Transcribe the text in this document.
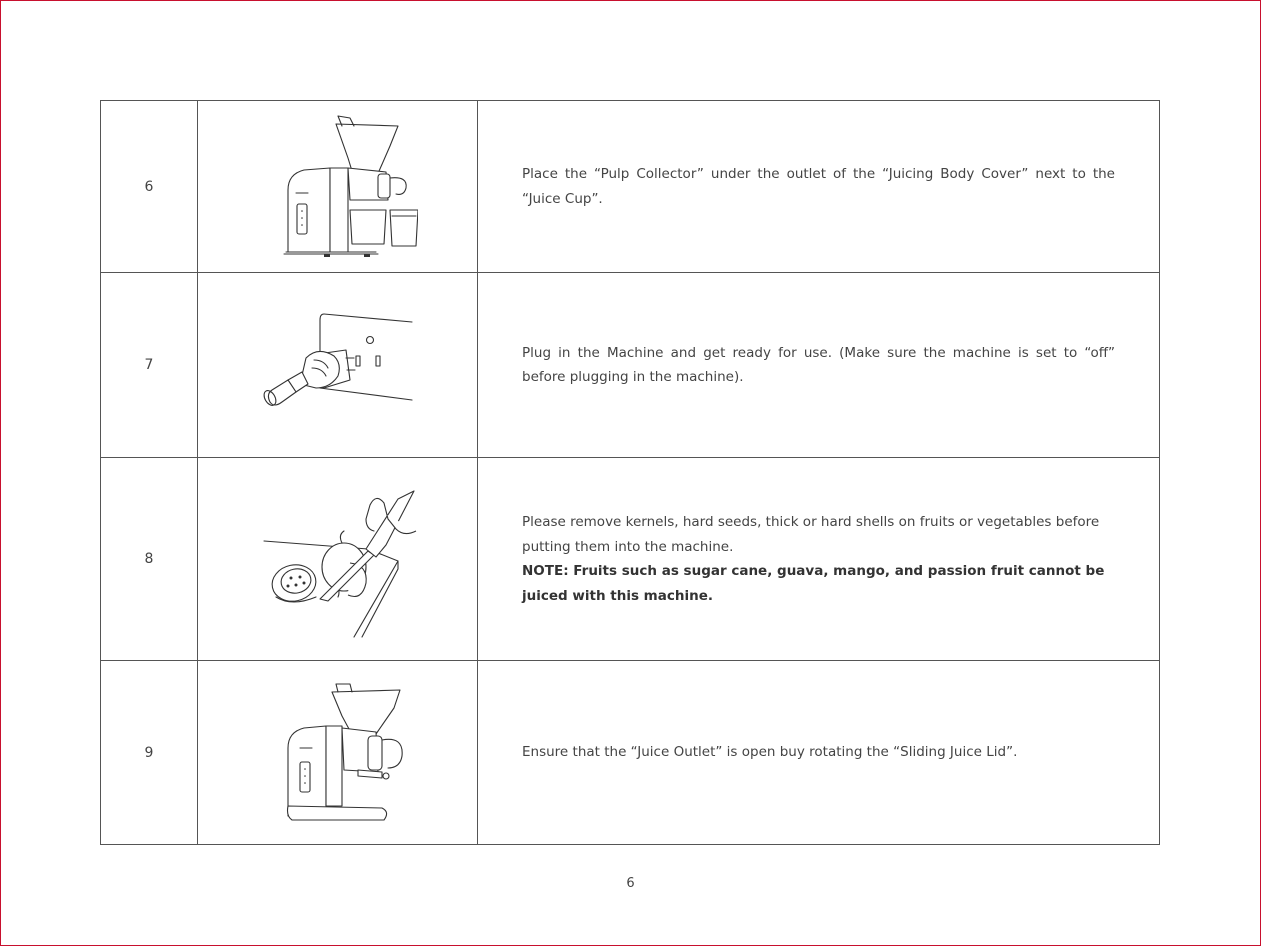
6		Place the “Pulp Collector” under the outlet of the “Juicing Body Cover” next to the “Juice Cup”.

7		Plug in the Machine and get ready for use. (Make sure the machine is set to “off” before plugging in the machine).

8		Please remove kernels, hard seeds, thick or hard shells on fruits or vegetables before putting them into the machine.

NOTE: Fruits such as sugar cane, guava, mango, and passion fruit cannot be juiced with this machine.

9		Ensure that the “Juice Outlet” is open buy rotating the “Sliding Juice Lid”.

6
